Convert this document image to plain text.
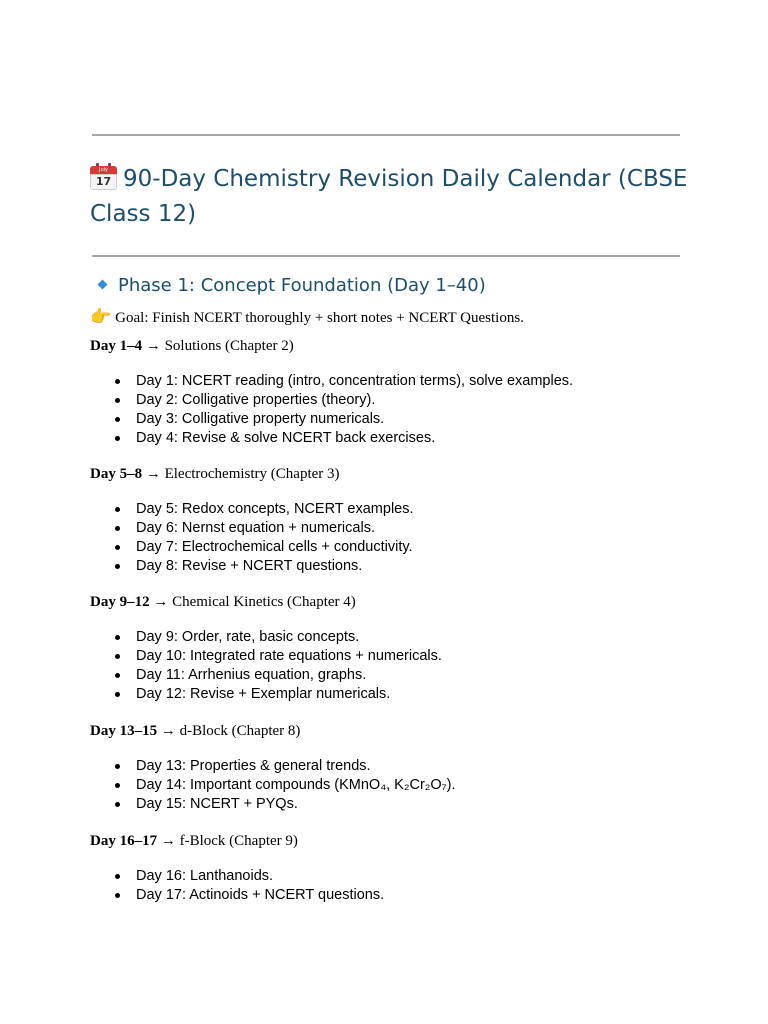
July
17 90-Day Chemistry Revision Daily Calendar (CBSE Class 12)
Phase 1: Concept Foundation (Day 1–40)

👉 Goal: Finish NCERT thoroughly + short notes + NCERT Questions.

Day 1–4 → Solutions (Chapter 2)

Day 1: NCERT reading (intro, concentration terms), solve examples.
Day 2: Colligative properties (theory).
Day 3: Colligative property numericals.
Day 4: Revise & solve NCERT back exercises.

Day 5–8 → Electrochemistry (Chapter 3)

Day 5: Redox concepts, NCERT examples.
Day 6: Nernst equation + numericals.
Day 7: Electrochemical cells + conductivity.
Day 8: Revise + NCERT questions.

Day 9–12 → Chemical Kinetics (Chapter 4)

Day 9: Order, rate, basic concepts.
Day 10: Integrated rate equations + numericals.
Day 11: Arrhenius equation, graphs.
Day 12: Revise + Exemplar numericals.

Day 13–15 → d-Block (Chapter 8)

Day 13: Properties & general trends.
Day 14: Important compounds (KMnO₄, K₂Cr₂O₇).
Day 15: NCERT + PYQs.

Day 16–17 → f-Block (Chapter 9)

Day 16: Lanthanoids.
Day 17: Actinoids + NCERT questions.
